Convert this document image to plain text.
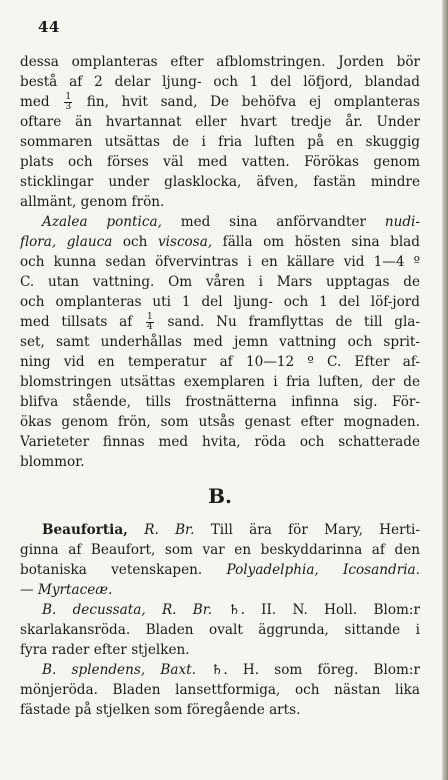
44
dessa omplanteras efter afblomstringen. Jorden bör
bestå af 2 delar ljung- och 1 del löfjord, blandad
med $\frac{1}{3}$ fin, hvit sand, De behöfva ej omplanteras
oftare än hvartannat eller hvart tredje år. Under
sommaren utsättas de i fria luften på en skuggig
plats och förses väl med vatten. Förökas genom
sticklingar under glasklocka, äfven, fastän mindre
allmänt, genom frön.
Azalea pontica, med sina anförvandter nudi-
flora, glauca och viscosa, fälla om hösten sina blad
och kunna sedan öfvervintras i en källare vid 1—4 º
C. utan vattning. Om våren i Mars upptagas de
och omplanteras uti 1 del ljung- och 1 del löf-jord
med tillsats af $\frac{1}{4}$ sand. Nu framflyttas de till gla-
set, samt underhållas med jemn vattning och sprit-
ning vid en temperatur af 10—12 º C. Efter af-
blomstringen utsättas exemplaren i fria luften, der de
blifva stående, tills frostnätterna infinna sig. För-
ökas genom frön, som utsås genast efter mognaden.
Varieteter finnas med hvita, röda och schatterade
blommor.
B.
Beaufortia, R. Br. Till ära för Mary, Herti-
ginna af Beaufort, som var en beskyddarinna af den
botaniska vetenskapen. Polyadelphia, Icosandria.
— Myrtaceæ.
B. decussata, R. Br. ♄. II. N. Holl. Blom:r
skarlakansröda. Bladen ovalt äggrunda, sittande i
fyra rader efter stjelken.
B. splendens, Baxt. ♄. H. som föreg. Blom:r
mönjeröda. Bladen lansettformiga, och nästan lika
fästade på stjelken som föregående arts.
